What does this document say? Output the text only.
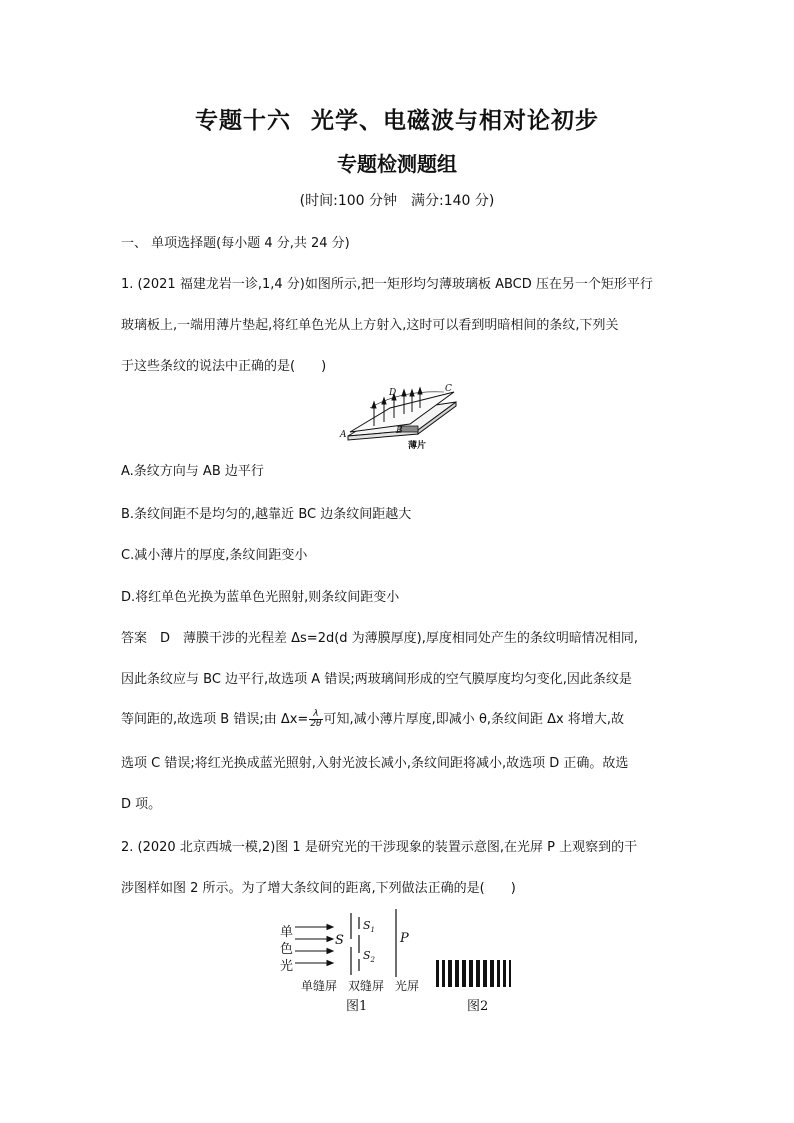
专题十六 光学、电磁波与相对论初步
专题检测题组
(时间:100 分钟　满分:140 分)
一、 单项选择题(每小题 4 分,共 24 分)
1. (2021 福建龙岩一诊,1,4 分)如图所示,把一矩形均匀薄玻璃板 ABCD 压在另一个矩形平行
玻璃板上,一端用薄片垫起,将红单色光从上方射入,这时可以看到明暗相间的条纹,下列关
于这些条纹的说法中正确的是(　　)
A	B
C
D
薄片
A.条纹方向与 AB 边平行
B.条纹间距不是均匀的,越靠近 BC 边条纹间距越大
C.减小薄片的厚度,条纹间距变小
D.将红单色光换为蓝单色光照射,则条纹间距变小
答案　D　薄膜干涉的光程差 Δs=2d(d 为薄膜厚度),厚度相同处产生的条纹明暗情况相同,
因此条纹应与 BC 边平行,故选项 A 错误;两玻璃间形成的空气膜厚度均匀变化,因此条纹是
等间距的,故选项 B 错误;由 $\Delta x= \frac{\lambda}{2\theta}$ 可知,减小薄片厚度,即减小 θ,条纹间距 Δx 将增大,故
选项 C 错误;将红光换成蓝光照射,入射光波长减小,条纹间距将减小,故选项 D 正确。故选
D 项。
2. (2020 北京西城一模,2)图 1 是研究光的干涉现象的装置示意图,在光屏 P 上观察到的干
涉图样如图 2 所示。为了增大条纹间的距离,下列做法正确的是(　　)
单
色
光
S
$S_1$
$S_2$
P
单缝屏 双缝屏 光屏
图1	图2
